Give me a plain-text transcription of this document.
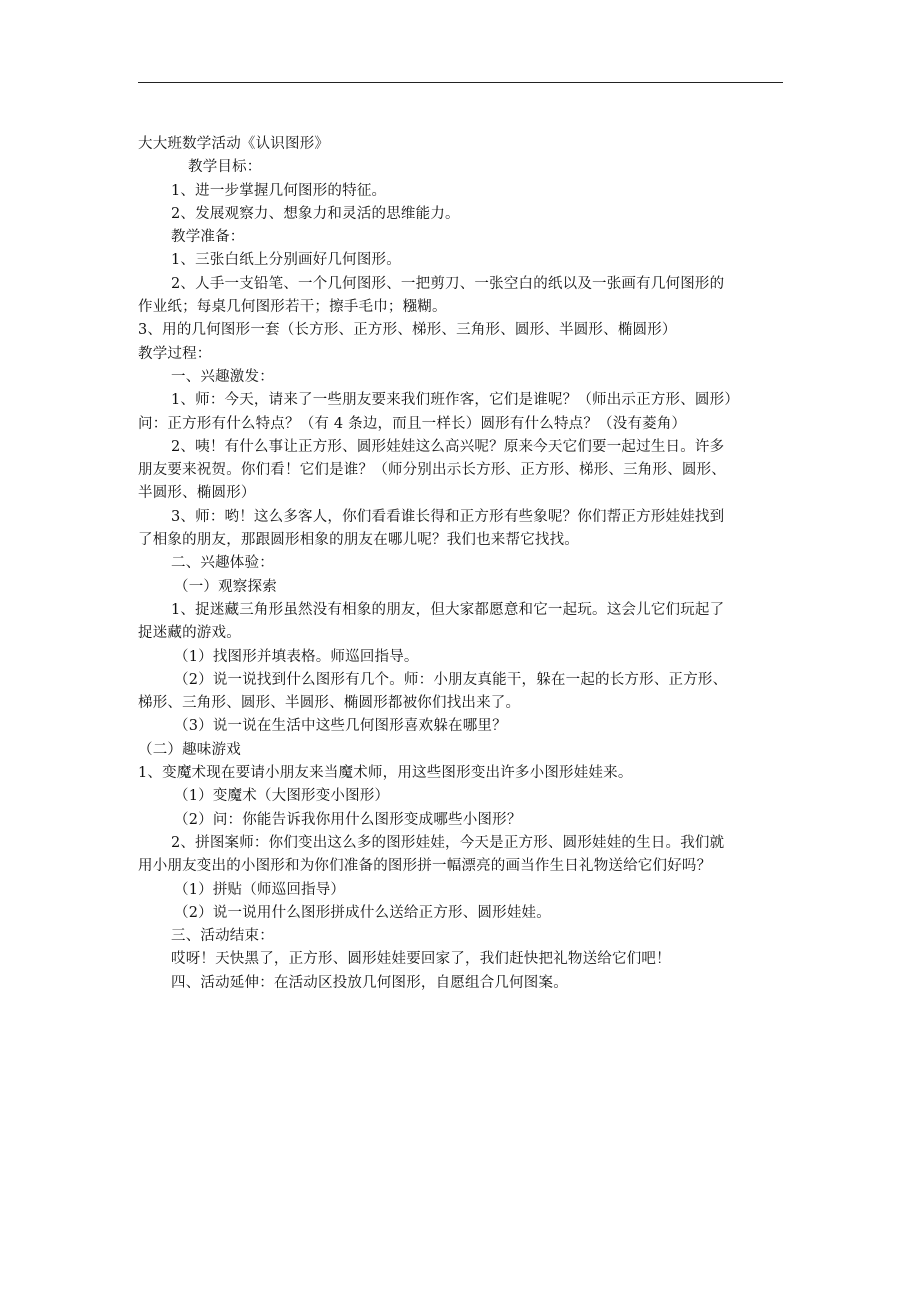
大大班数学活动《认识图形》
教学目标：
1、进一步掌握几何图形的特征。
2、发展观察力、想象力和灵活的思维能力。
教学准备：
1、三张白纸上分别画好几何图形。
2、人手一支铅笔、一个几何图形、一把剪刀、一张空白的纸以及一张画有几何图形的
作业纸；每桌几何图形若干；擦手毛巾；糨糊。
3、用的几何图形一套（长方形、正方形、梯形、三角形、圆形、半圆形、椭圆形）
教学过程：
一、兴趣激发：
1、师：今天，请来了一些朋友要来我们班作客，它们是谁呢？（师出示正方形、圆形）
问：正方形有什么特点？（有 4 条边，而且一样长）圆形有什么特点？（没有菱角）
2、咦！有什么事让正方形、圆形娃娃这么高兴呢？原来今天它们要一起过生日。许多
朋友要来祝贺。你们看！它们是谁？（师分别出示长方形、正方形、梯形、三角形、圆形、
半圆形、椭圆形）
3、师：哟！这么多客人，你们看看谁长得和正方形有些象呢？你们帮正方形娃娃找到
了相象的朋友，那跟圆形相象的朋友在哪儿呢？我们也来帮它找找。
二、兴趣体验：
（一）观察探索
1、捉迷藏三角形虽然没有相象的朋友，但大家都愿意和它一起玩。这会儿它们玩起了
捉迷藏的游戏。
（1）找图形并填表格。师巡回指导。
（2）说一说找到什么图形有几个。师：小朋友真能干，躲在一起的长方形、正方形、
梯形、三角形、圆形、半圆形、椭圆形都被你们找出来了。
（3）说一说在生活中这些几何图形喜欢躲在哪里？
（二）趣味游戏
1、变魔术现在要请小朋友来当魔术师，用这些图形变出许多小图形娃娃来。
（1）变魔术（大图形变小图形）
（2）问：你能告诉我你用什么图形变成哪些小图形？
2、拼图案师：你们变出这么多的图形娃娃，今天是正方形、圆形娃娃的生日。我们就
用小朋友变出的小图形和为你们准备的图形拼一幅漂亮的画当作生日礼物送给它们好吗？
（1）拼贴（师巡回指导）
（2）说一说用什么图形拼成什么送给正方形、圆形娃娃。
三、活动结束：
哎呀！天快黑了，正方形、圆形娃娃要回家了，我们赶快把礼物送给它们吧！
四、活动延伸：在活动区投放几何图形，自愿组合几何图案。
